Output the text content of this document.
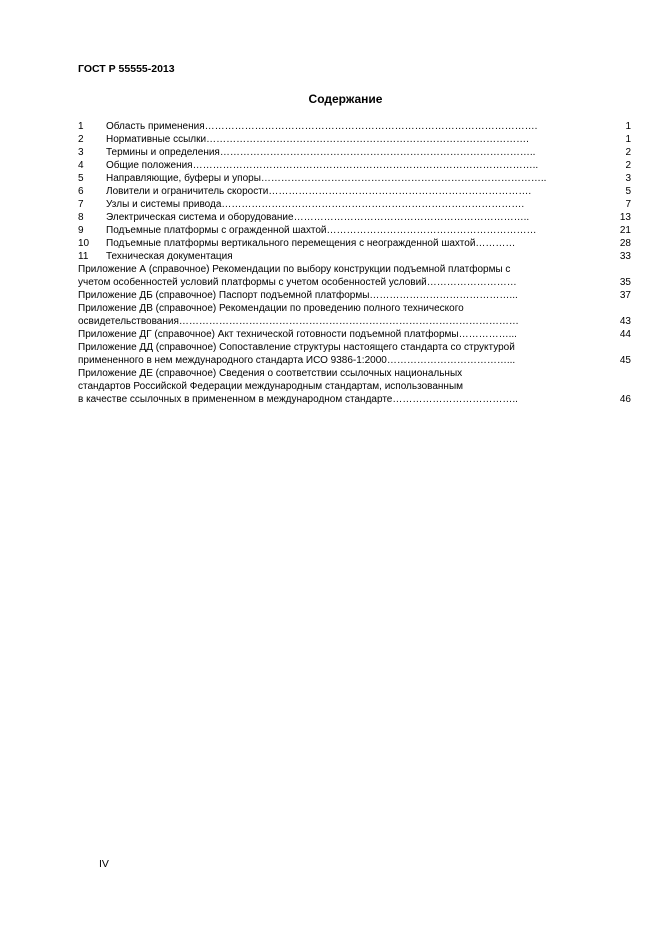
ГОСТ Р 55555-2013
Содержание
1	Область применения……………………………………………………………………………………….	1
2	Нормативные ссылки…………………………………………………………………………………….	1
3	Термины и определения…………………………………………………………………………………..	2
4	Общие положения…………………………………………………………………………………………..	2
5	Направляющие, буферы и упоры…………………………………………………………………………..	3
6	Ловители и ограничитель скорости…………………………………………………………………….	5
7	Узлы и системы привода……………………………………………………………………………….	7
8	Электрическая система и оборудование……………………………………………………………..	13
9	Подъемные платформы с огражденной шахтой………………………………………………………	21
10	Подъемные платформы вертикального перемещения с неогражденной шахтой…………	28
11	Техническая документация	33
Приложение А (справочное) Рекомендации по выбору конструкции подъемной платформы с
учетом особенностей условий платформы с учетом особенностей условий………………………	35
Приложение ДБ (справочное) Паспорт подъемной платформы……………………………………...	37
Приложение ДВ (справочное) Рекомендации по проведению полного технического
освидетельствования…………………………………………………………………………………………	43
Приложение ДГ (справочное) Акт технической готовности подъемной платформы……………...	44
Приложение ДД (справочное) Сопоставление структуры настоящего стандарта со структурой
примененного в нем международного стандарта ИСО 9386-1:2000………………………………...	45
Приложение ДЕ (справочное) Сведения о соответствии ссылочных национальных
стандартов Российской Федерации международным стандартам, использованным
в качестве ссылочных в примененном в международном стандарте………………………………..	46
IV
